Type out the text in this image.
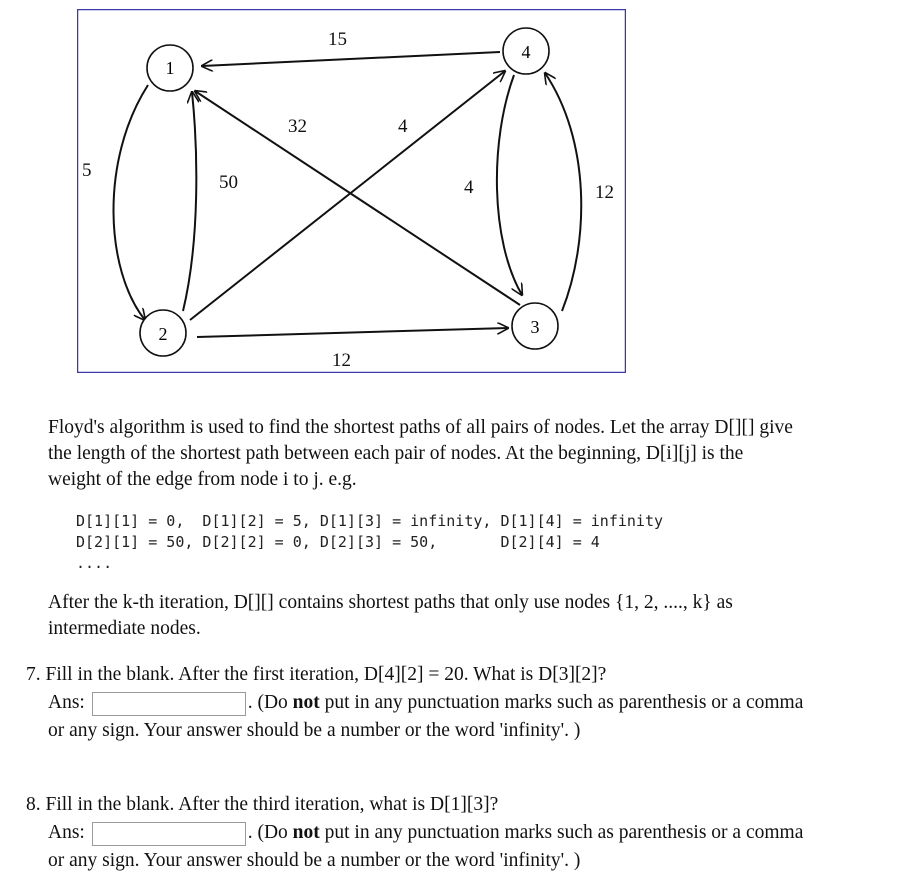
1
2	3
4
15
32	4
5
50	4	12
12
Floyd's algorithm is used to find the shortest paths of all pairs of nodes. Let the array D[][] give
the length of the shortest path between each pair of nodes. At the beginning, D[i][j] is the
weight of the edge from node i to j. e.g.
D[1][1] = 0,  D[1][2] = 5, D[1][3] = infinity, D[1][4] = infinity
D[2][1] = 50, D[2][2] = 0, D[2][3] = 50,       D[2][4] = 4
....
After the k-th iteration, D[][] contains shortest paths that only use nodes {1, 2, ...., k} as
intermediate nodes.
7. Fill in the blank. After the first iteration, D[4][2] = 20. What is D[3][2]?
Ans:	. (Do not put in any punctuation marks such as parenthesis or a comma
or any sign. Your answer should be a number or the word 'infinity'. )
8. Fill in the blank. After the third iteration, what is D[1][3]?
Ans:	. (Do not put in any punctuation marks such as parenthesis or a comma
or any sign. Your answer should be a number or the word 'infinity'. )
